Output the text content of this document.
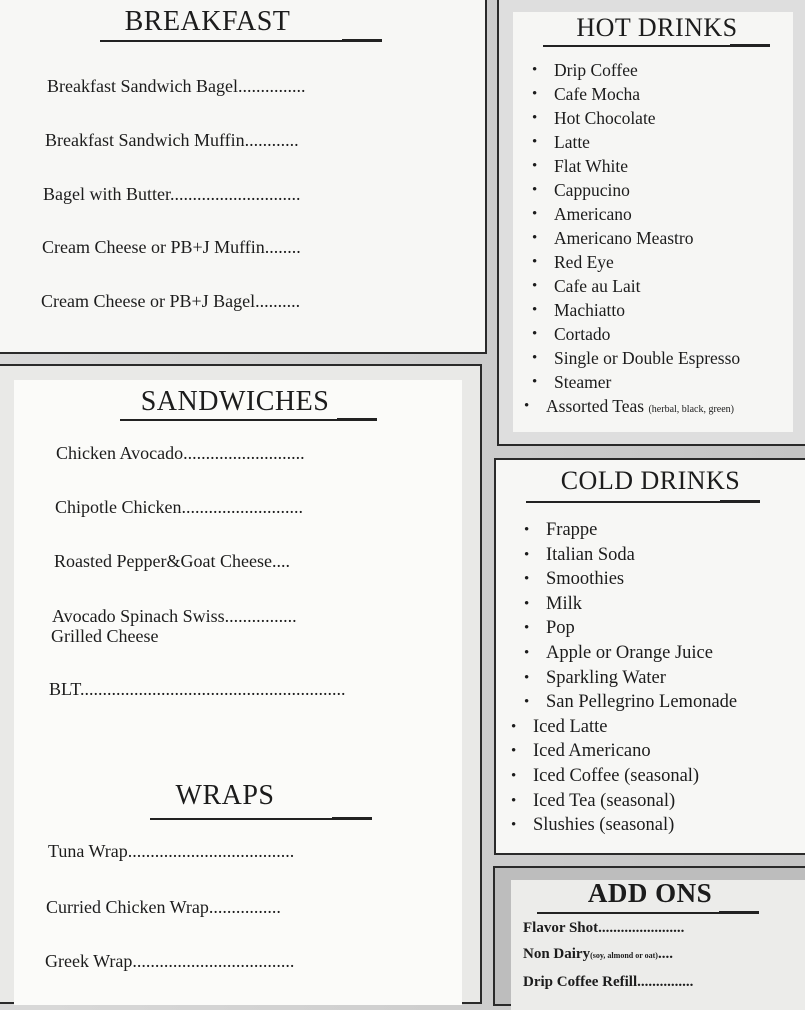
BREAKFAST
Breakfast Sandwich Bagel...............
Breakfast Sandwich Muffin............
Bagel with Butter.............................
Cream Cheese or PB+J Muffin........
Cream Cheese or PB+J Bagel..........
SANDWICHES
Chicken Avocado...........................
Chipotle Chicken...........................
Roasted Pepper&Goat Cheese....
Avocado Spinach Swiss................
Grilled Cheese
BLT...........................................................
WRAPS
Tuna Wrap.....................................
Curried Chicken Wrap................
Greek Wrap....................................
HOT DRINKS
• Drip Coffee
• Cafe Mocha
• Hot Chocolate
• Latte
• Flat White
• Cappucino
• Americano
• Americano Meastro
• Red Eye
• Cafe au Lait
• Machiatto
• Cortado
• Single or Double Espresso
• Steamer
• Assorted Teas (herbal, black, green)
COLD DRINKS
• Frappe
• Italian Soda
• Smoothies
• Milk
• Pop
• Apple or Orange Juice
• Sparkling Water
• San Pellegrino Lemonade
• Iced Latte
• Iced Americano
• Iced Coffee (seasonal)
• Iced Tea (seasonal)
• Slushies (seasonal)
ADD ONS
Flavor Shot.......................
Non Dairy(soy, almond or oat)....
Drip Coffee Refill...............
